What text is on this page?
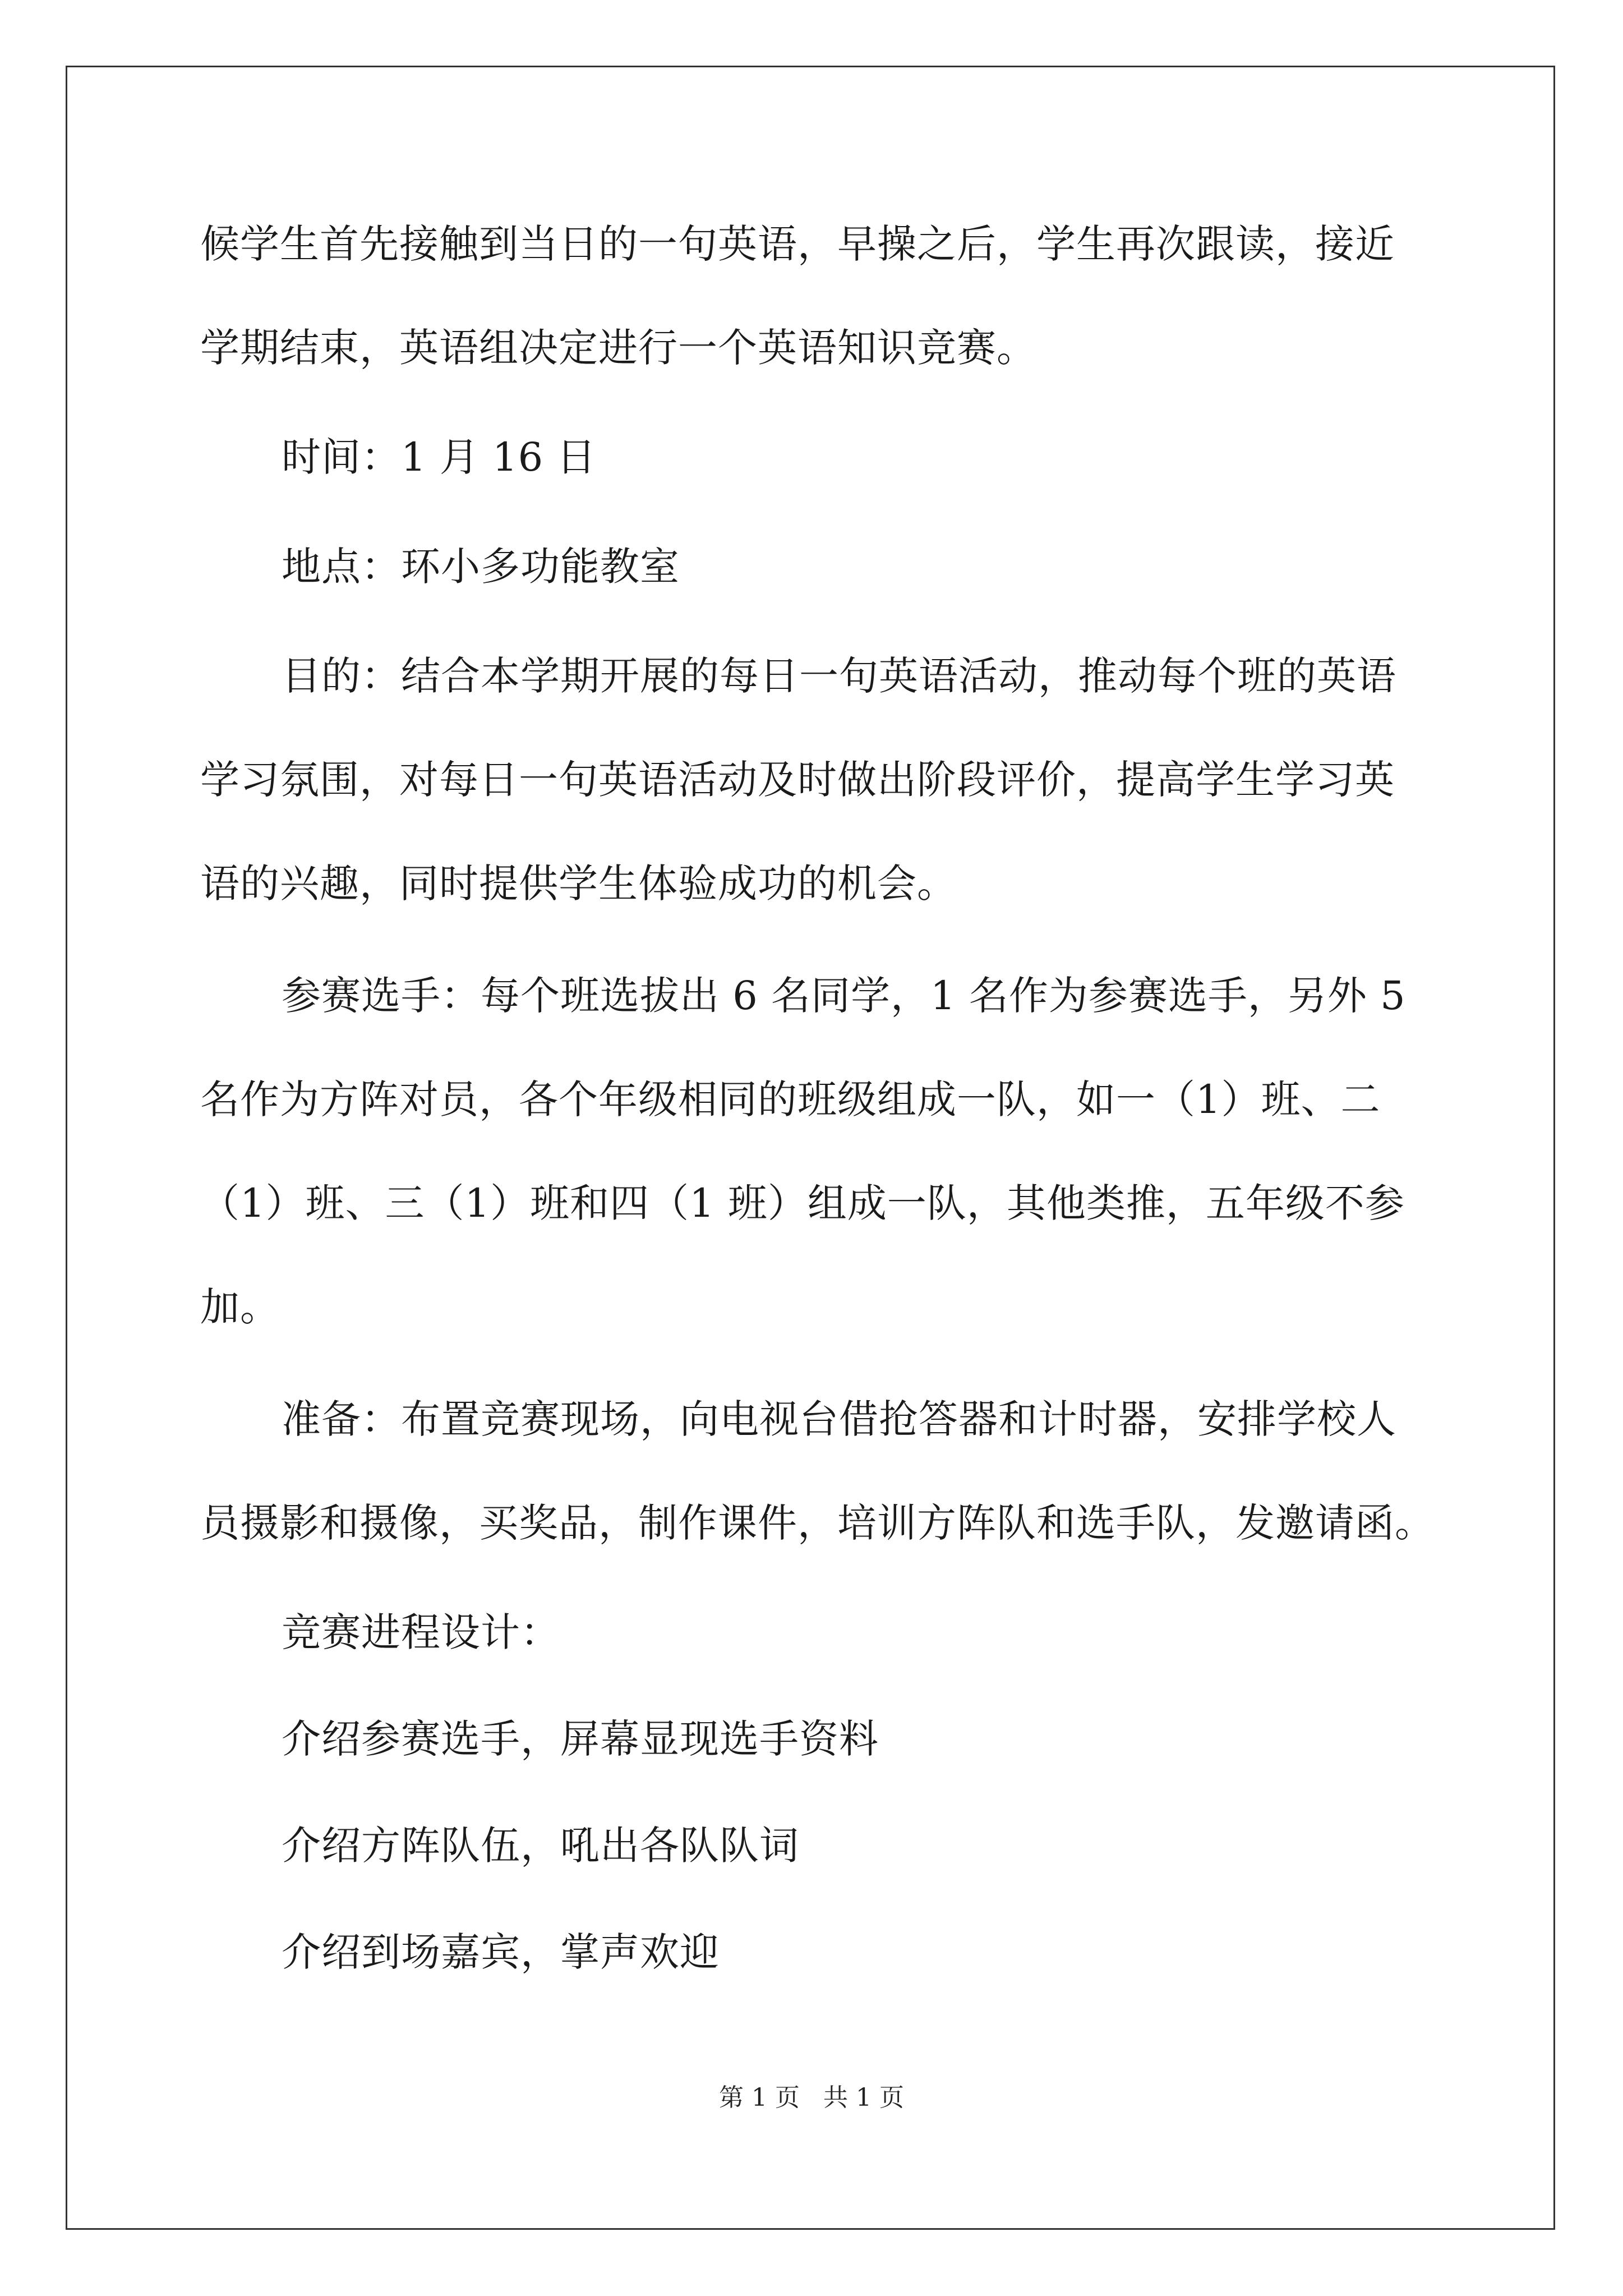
候学生首先接触到当日的一句英语，早操之后，学生再次跟读，接近
学期结束，英语组决定进行一个英语知识竞赛。
时间：1 月 16 日
地点：环小多功能教室
目的：结合本学期开展的每日一句英语活动，推动每个班的英语
学习氛围，对每日一句英语活动及时做出阶段评价，提高学生学习英
语的兴趣，同时提供学生体验成功的机会。
参赛选手：每个班选拔出 6 名同学，1 名作为参赛选手，另外 5
名作为方阵对员，各个年级相同的班级组成一队，如一（1）班、二
（1）班、三（1）班和四（1 班）组成一队，其他类推，五年级不参
加。
准备：布置竞赛现场，向电视台借抢答器和计时器，安排学校人
员摄影和摄像，买奖品，制作课件，培训方阵队和选手队，发邀请函。
竞赛进程设计：
介绍参赛选手，屏幕显现选手资料
介绍方阵队伍，吼出各队队词
介绍到场嘉宾，掌声欢迎
第 1 页   共 1 页
